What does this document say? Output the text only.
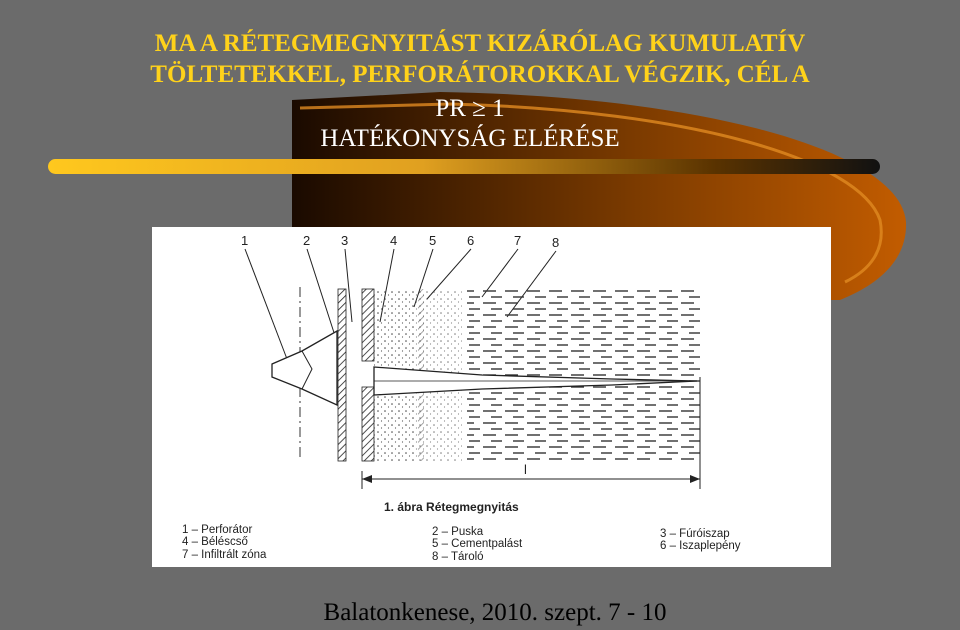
MA A RÉTEGMEGNYITÁST KIZÁRÓLAG KUMULATÍV
TÖLTETEKKEL, PERFORÁTOROKKAL VÉGZIK, CÉL A
PR ≥ 1
HATÉKONYSÁG ELÉRÉSE
1	2 3	4 5 6	7 8
l
1. ábra Rétegmegnyitás
1 – Perforátor	2 – Puska	3 – Fúróiszap
4 – Béléscső	5 – Cementpalást	6 – Iszaplepény
7 – Infiltrált zóna	8 – Tároló
Balatonkenese, 2010. szept. 7 - 10
